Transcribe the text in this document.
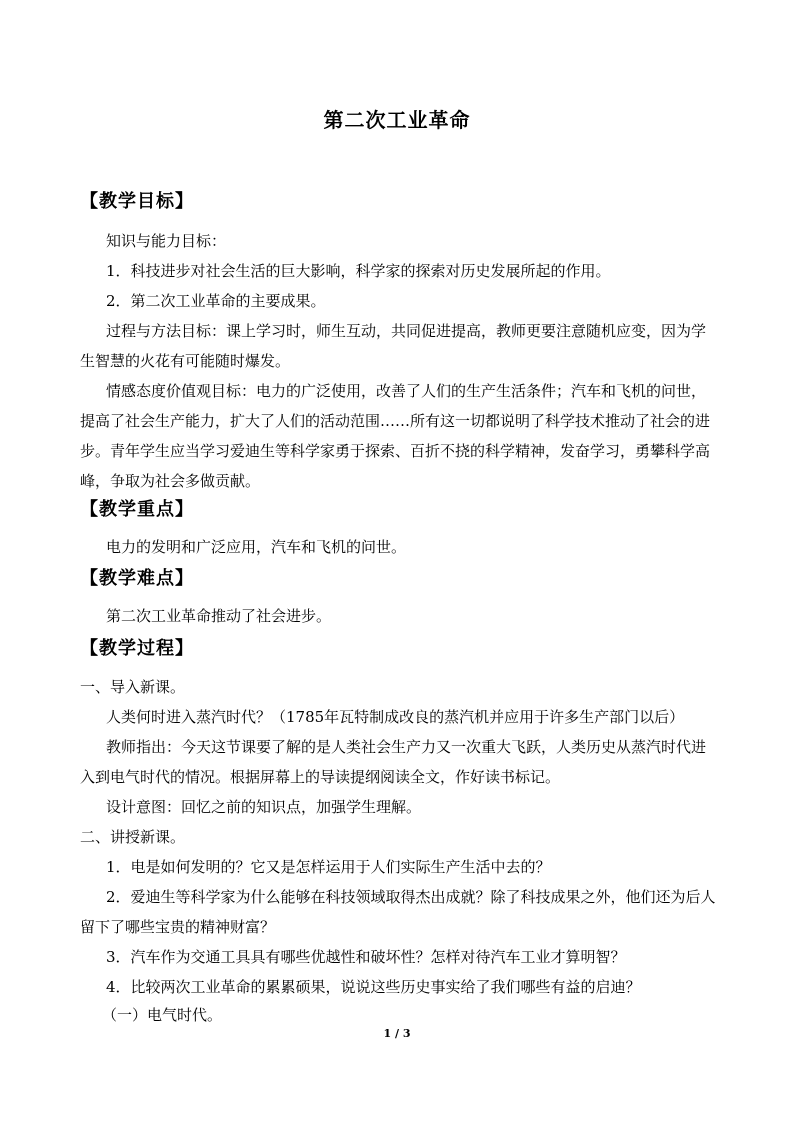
第二次工业革命
【教学目标】
知识与能力目标：
1．科技进步对社会生活的巨大影响，科学家的探索对历史发展所起的作用。
2．第二次工业革命的主要成果。
过程与方法目标：课上学习时，师生互动，共同促进提高，教师更要注意随机应变，因为学生智慧的火花有可能随时爆发。
情感态度价值观目标：电力的广泛使用，改善了人们的生产生活条件；汽车和飞机的问世，提高了社会生产能力，扩大了人们的活动范围……所有这一切都说明了科学技术推动了社会的进步。青年学生应当学习爱迪生等科学家勇于探索、百折不挠的科学精神，发奋学习，勇攀科学高峰，争取为社会多做贡献。
【教学重点】
电力的发明和广泛应用，汽车和飞机的问世。
【教学难点】
第二次工业革命推动了社会进步。
【教学过程】
一、导入新课。
人类何时进入蒸汽时代？（1785年瓦特制成改良的蒸汽机并应用于许多生产部门以后）
教师指出：今天这节课要了解的是人类社会生产力又一次重大飞跃，人类历史从蒸汽时代进入到电气时代的情况。根据屏幕上的导读提纲阅读全文，作好读书标记。
设计意图：回忆之前的知识点，加强学生理解。
二、讲授新课。
1．电是如何发明的？它又是怎样运用于人们实际生产生活中去的？
2．爱迪生等科学家为什么能够在科技领域取得杰出成就？除了科技成果之外，他们还为后人留下了哪些宝贵的精神财富？
3．汽车作为交通工具具有哪些优越性和破坏性？怎样对待汽车工业才算明智？
4．比较两次工业革命的累累硕果，说说这些历史事实给了我们哪些有益的启迪？
（一）电气时代。
1 / 3
